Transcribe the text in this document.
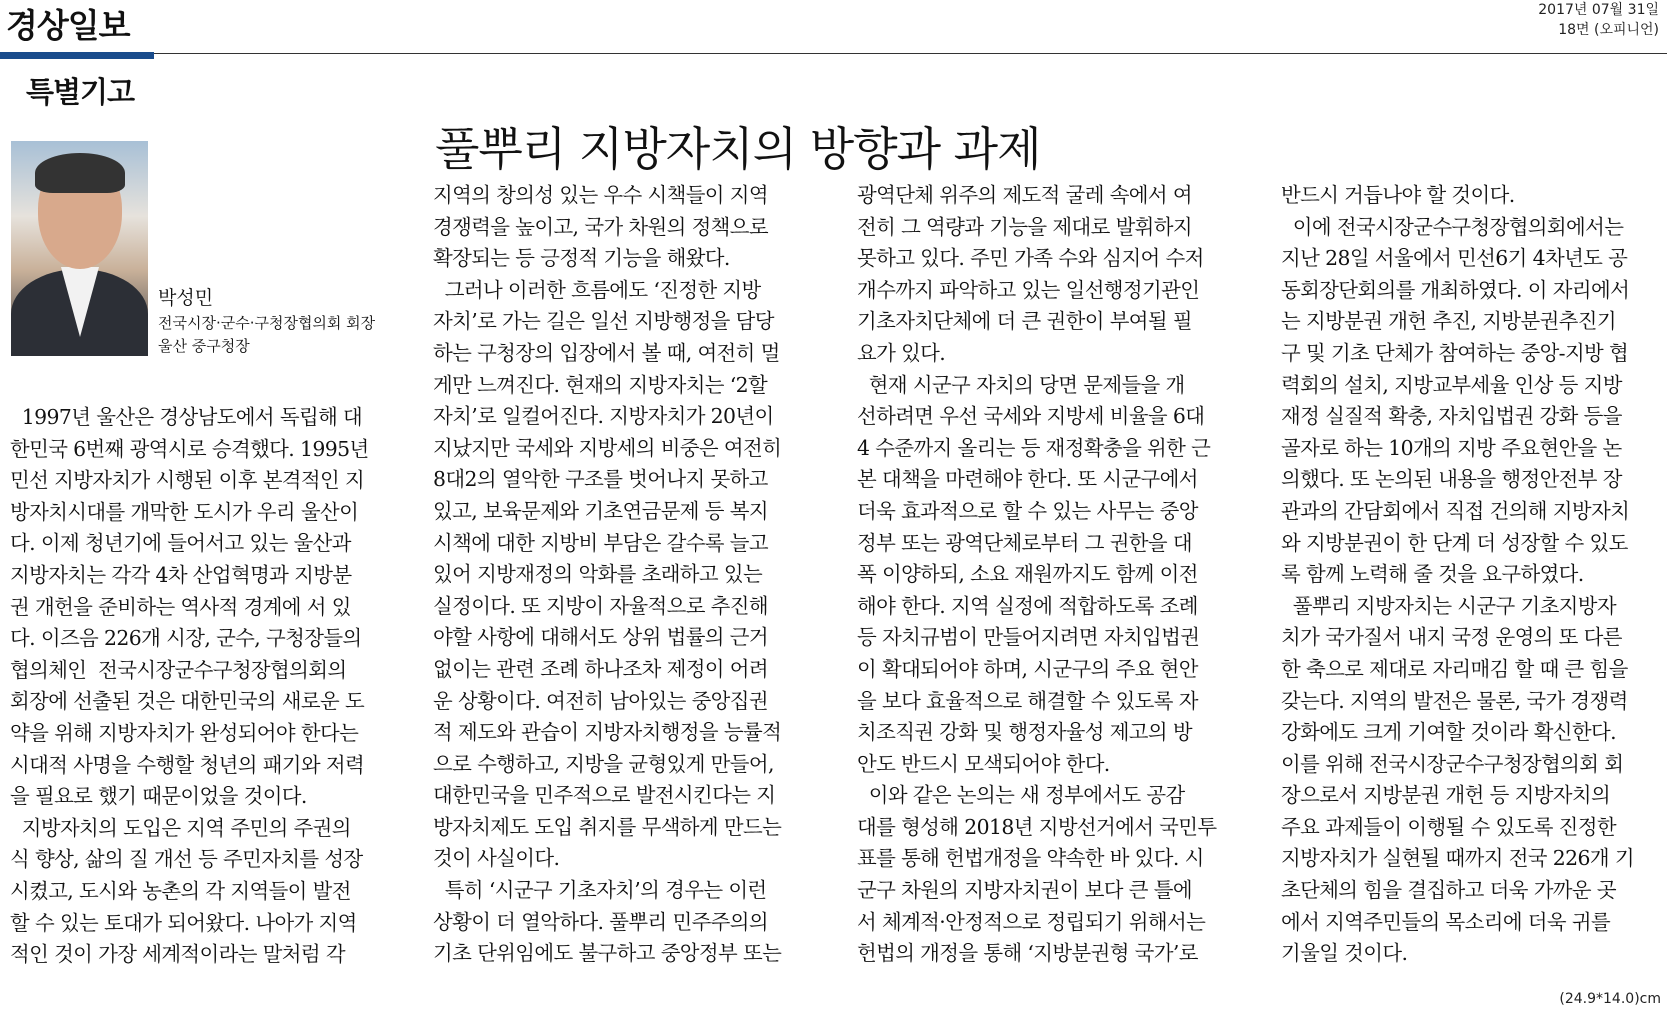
경상일보	2017년 07월 31일
18면 (오피니언)
특별기고
풀뿌리 지방자치의 방향과 과제
박성민
전국시장·군수·구청장협의회 회장
울산 중구청장

1997년 울산은 경상남도에서 독립해 대

한민국 6번째 광역시로 승격했다. 1995년

민선 지방자치가 시행된 이후 본격적인 지

방자치시대를 개막한 도시가 우리 울산이

다. 이제 청년기에 들어서고 있는 울산과

지방자치는 각각 4차 산업혁명과 지방분

권 개헌을 준비하는 역사적 경계에 서 있

다. 이즈음 226개 시장, 군수, 구청장들의

협의체인  전국시장군수구청장협의회의

회장에 선출된 것은 대한민국의 새로운 도

약을 위해 지방자치가 완성되어야 한다는

시대적 사명을 수행할 청년의 패기와 저력

을 필요로 했기 때문이었을 것이다.

지방자치의 도입은 지역 주민의 주권의

식 향상, 삶의 질 개선 등 주민자치를 성장

시켰고, 도시와 농촌의 각 지역들이 발전

할 수 있는 토대가 되어왔다. 나아가 지역

적인 것이 가장 세계적이라는 말처럼 각

지역의 창의성 있는 우수 시책들이 지역

경쟁력을 높이고, 국가 차원의 정책으로

확장되는 등 긍정적 기능을 해왔다.

그러나 이러한 흐름에도 ‘진정한 지방

자치’로 가는 길은 일선 지방행정을 담당

하는 구청장의 입장에서 볼 때, 여전히 멀

게만 느껴진다. 현재의 지방자치는 ‘2할

자치’로 일컬어진다. 지방자치가 20년이

지났지만 국세와 지방세의 비중은 여전히

8대2의 열악한 구조를 벗어나지 못하고

있고, 보육문제와 기초연금문제 등 복지

시책에 대한 지방비 부담은 갈수록 늘고

있어 지방재정의 악화를 초래하고 있는

실정이다. 또 지방이 자율적으로 추진해

야할 사항에 대해서도 상위 법률의 근거

없이는 관련 조례 하나조차 제정이 어려

운 상황이다. 여전히 남아있는 중앙집권

적 제도와 관습이 지방자치행정을 능률적

으로 수행하고, 지방을 균형있게 만들어,

대한민국을 민주적으로 발전시킨다는 지

방자치제도 도입 취지를 무색하게 만드는

것이 사실이다.

특히 ‘시군구 기초자치’의 경우는 이런

상황이 더 열악하다. 풀뿌리 민주주의의

기초 단위임에도 불구하고 중앙정부 또는

광역단체 위주의 제도적 굴레 속에서 여

전히 그 역량과 기능을 제대로 발휘하지

못하고 있다. 주민 가족 수와 심지어 수저

개수까지 파악하고 있는 일선행정기관인

기초자치단체에 더 큰 권한이 부여될 필

요가 있다.

현재 시군구 자치의 당면 문제들을 개

선하려면 우선 국세와 지방세 비율을 6대

4 수준까지 올리는 등 재정확충을 위한 근

본 대책을 마련해야 한다. 또 시군구에서

더욱 효과적으로 할 수 있는 사무는 중앙

정부 또는 광역단체로부터 그 권한을 대

폭 이양하되, 소요 재원까지도 함께 이전

해야 한다. 지역 실정에 적합하도록 조례

등 자치규범이 만들어지려면 자치입법권

이 확대되어야 하며, 시군구의 주요 현안

을 보다 효율적으로 해결할 수 있도록 자

치조직권 강화 및 행정자율성 제고의 방

안도 반드시 모색되어야 한다.

이와 같은 논의는 새 정부에서도 공감

대를 형성해 2018년 지방선거에서 국민투

표를 통해 헌법개정을 약속한 바 있다. 시

군구 차원의 지방자치권이 보다 큰 틀에

서 체계적·안정적으로 정립되기 위해서는

헌법의 개정을 통해 ‘지방분권형 국가’로

반드시 거듭나야 할 것이다.

이에 전국시장군수구청장협의회에서는

지난 28일 서울에서 민선6기 4차년도 공

동회장단회의를 개최하였다. 이 자리에서

는 지방분권 개헌 추진, 지방분권추진기

구 및 기초 단체가 참여하는 중앙-지방 협

력회의 설치, 지방교부세율 인상 등 지방

재정 실질적 확충, 자치입법권 강화 등을

골자로 하는 10개의 지방 주요현안을 논

의했다. 또 논의된 내용을 행정안전부 장

관과의 간담회에서 직접 건의해 지방자치

와 지방분권이 한 단계 더 성장할 수 있도

록 함께 노력해 줄 것을 요구하였다.

풀뿌리 지방자치는 시군구 기초지방자

치가 국가질서 내지 국정 운영의 또 다른

한 축으로 제대로 자리매김 할 때 큰 힘을

갖는다. 지역의 발전은 물론, 국가 경쟁력

강화에도 크게 기여할 것이라 확신한다.

이를 위해 전국시장군수구청장협의회 회

장으로서 지방분권 개헌 등 지방자치의

주요 과제들이 이행될 수 있도록 진정한

지방자치가 실현될 때까지 전국 226개 기

초단체의 힘을 결집하고 더욱 가까운 곳

에서 지역주민들의 목소리에 더욱 귀를

기울일 것이다.

(24.9*14.0)cm
